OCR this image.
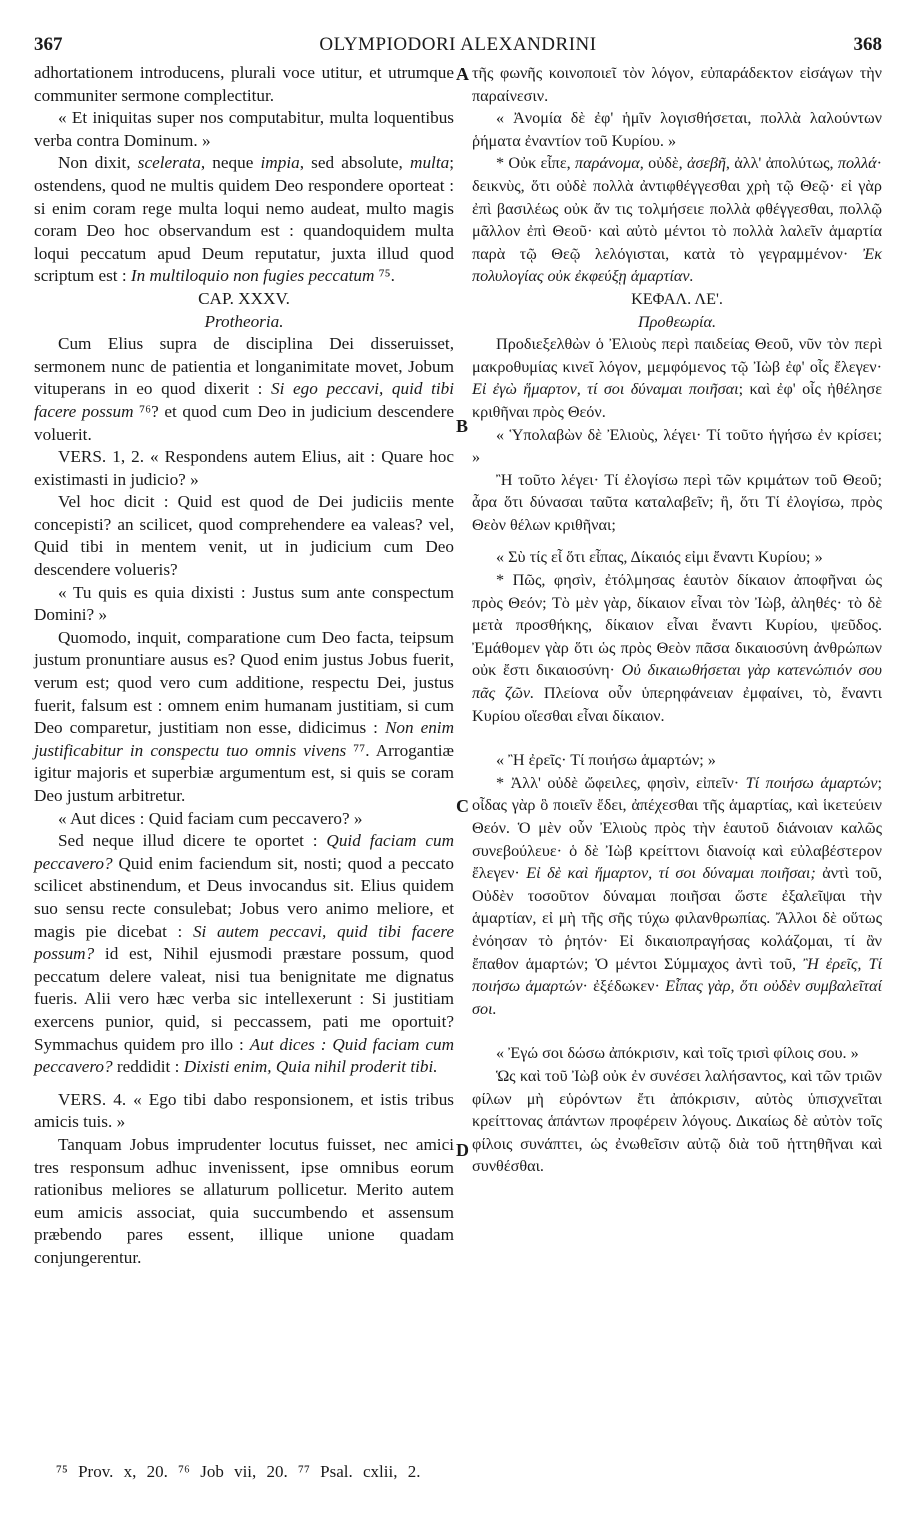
367	OLYMPIODORI ALEXANDRINI	368
A
B
C
D

adhortationem introducens, plurali voce utitur, et utrumque communiter sermone complectitur.

« Et iniquitas super nos computabitur, multa loquentibus verba contra Dominum. »

Non dixit, scelerata, neque impia, sed absolute, multa; ostendens, quod ne multis quidem Deo respondere oporteat : si enim coram rege multa loqui nemo audeat, multo magis coram Deo hoc observandum est : quandoquidem multa loqui peccatum apud Deum reputatur, juxta illud quod scriptum est : In multiloquio non fugies peccatum ⁷⁵.

CAP. XXXV.

Protheoria.

Cum Elius supra de disciplina Dei disseruisset, sermonem nunc de patientia et longanimitate movet, Jobum vituperans in eo quod dixerit : Si ego peccavi, quid tibi facere possum ⁷⁶? et quod cum Deo in judicium descendere voluerit.

VERS. 1, 2. « Respondens autem Elius, ait : Quare hoc existimasti in judicio? »

Vel hoc dicit : Quid est quod de Dei judiciis mente concepisti? an scilicet, quod comprehendere ea valeas? vel, Quid tibi in mentem venit, ut in judicium cum Deo descendere volueris?

« Tu quis es quia dixisti : Justus sum ante conspectum Domini? »

Quomodo, inquit, comparatione cum Deo facta, teipsum justum pronuntiare ausus es? Quod enim justus Jobus fuerit, verum est; quod vero cum additione, respectu Dei, justus fuerit, falsum est : omnem enim humanam justitiam, si cum Deo comparetur, justitiam non esse, didicimus : Non enim justificabitur in conspectu tuo omnis vivens ⁷⁷. Arrogantiæ igitur majoris et superbiæ argumentum est, si quis se coram Deo justum arbitretur.

« Aut dices : Quid faciam cum peccavero? »

Sed neque illud dicere te oportet : Quid faciam cum peccavero? Quid enim faciendum sit, nosti; quod a peccato scilicet abstinendum, et Deus invocandus sit. Elius quidem suo sensu recte consulebat; Jobus vero animo meliore, et magis pie dicebat : Si autem peccavi, quid tibi facere possum? id est, Nihil ejusmodi præstare possum, quod peccatum delere valeat, nisi tua benignitate me dignatus fueris. Alii vero hæc verba sic intellexerunt : Si justitiam exercens punior, quid, si peccassem, pati me oportuit? Symmachus quidem pro illo : Aut dices : Quid faciam cum peccavero? reddidit : Dixisti enim, Quia nihil proderit tibi.

VERS. 4. « Ego tibi dabo responsionem, et istis tribus amicis tuis. »

Tanquam Jobus imprudenter locutus fuisset, nec amici tres responsum adhuc invenissent, ipse omnibus eorum rationibus meliores se allaturum pollicetur. Merito autem eum amicis associat, quia succumbendo et assensum præbendo pares essent, illique unione quadam conjungerentur.

τῆς φωνῆς κοινοποιεῖ τὸν λόγον, εὐπαράδεκτον εἰσάγων τὴν παραίνεσιν.

« Ἀνομία δὲ ἐφ' ἡμῖν λογισθήσεται, πολλὰ λαλούντων ῥήματα ἐναντίον τοῦ Κυρίου. »

* Οὐκ εἶπε, παράνομα, οὐδὲ, ἀσεβῆ, ἀλλ' ἀπολύτως, πολλά· δεικνὺς, ὅτι οὐδὲ πολλὰ ἀντιφθέγγεσθαι χρὴ τῷ Θεῷ· εἰ γὰρ ἐπὶ βασιλέως οὐκ ἄν τις τολμήσειε πολλὰ φθέγγεσθαι, πολλῷ μᾶλλον ἐπὶ Θεοῦ· καὶ αὐτὸ μέντοι τὸ πολλὰ λαλεῖν ἁμαρτία παρὰ τῷ Θεῷ λελόγισται, κατὰ τὸ γεγραμμένον· Ἐκ πολυλογίας οὐκ ἐκφεύξῃ ἁμαρτίαν.

ΚΕΦΑΛ. ΛΕ'.

Προθεωρία.

Προδιεξελθὼν ὁ Ἐλιοὺς περὶ παιδείας Θεοῦ, νῦν τὸν περὶ μακροθυμίας κινεῖ λόγον, μεμφόμενος τῷ Ἰὼβ ἐφ' οἷς ἔλεγεν· Εἰ ἐγὼ ἥμαρτον, τί σοι δύναμαι ποιῆσαι; καὶ ἐφ' οἷς ἠθέλησε κριθῆναι πρὸς Θεόν.

« Ὑπολαβὼν δὲ Ἐλιοὺς, λέγει· Τί τοῦτο ἡγήσω ἐν κρίσει; »

Ἢ τοῦτο λέγει· Τί ἐλογίσω περὶ τῶν κριμάτων τοῦ Θεοῦ; ἆρα ὅτι δύνασαι ταῦτα καταλαβεῖν; ἢ, ὅτι Τί ἐλογίσω, πρὸς Θεὸν θέλων κριθῆναι;

« Σὺ τίς εἶ ὅτι εἶπας, Δίκαιός εἰμι ἔναντι Κυρίου; »

* Πῶς, φησὶν, ἐτόλμησας ἑαυτὸν δίκαιον ἀποφῆναι ὡς πρὸς Θεόν; Τὸ μὲν γὰρ, δίκαιον εἶναι τὸν Ἰὼβ, ἀληθές· τὸ δὲ μετὰ προσθήκης, δίκαιον εἶναι ἔναντι Κυρίου, ψεῦδος. Ἐμάθομεν γὰρ ὅτι ὡς πρὸς Θεὸν πᾶσα δικαιοσύνη ἀνθρώπων οὐκ ἔστι δικαιοσύνη· Οὐ δικαιωθήσεται γὰρ κατενώπιόν σου πᾶς ζῶν. Πλείονα οὖν ὑπερηφάνειαν ἐμφαίνει, τὸ, ἔναντι Κυρίου οἴεσθαι εἶναι δίκαιον.

« Ἢ ἐρεῖς· Τί ποιήσω ἁμαρτών; »

* Ἀλλ' οὐδὲ ὤφειλες, φησὶν, εἰπεῖν· Τί ποιήσω ἁμαρτών; οἶδας γὰρ ὃ ποιεῖν ἔδει, ἀπέχεσθαι τῆς ἁμαρτίας, καὶ ἱκετεύειν Θεόν. Ὁ μὲν οὖν Ἐλιοὺς πρὸς τὴν ἑαυτοῦ διάνοιαν καλῶς συνεβούλευε· ὁ δὲ Ἰὼβ κρείττονι διανοίᾳ καὶ εὐλαβέστερον ἔλεγεν· Εἰ δὲ καὶ ἥμαρτον, τί σοι δύναμαι ποιῆσαι; ἀντὶ τοῦ, Οὐδὲν τοσοῦτον δύναμαι ποιῆσαι ὥστε ἐξαλεῖψαι τὴν ἁμαρτίαν, εἰ μὴ τῆς σῆς τύχω φιλανθρωπίας. Ἄλλοι δὲ οὕτως ἐνόησαν τὸ ῥητόν· Εἰ δικαιοπραγήσας κολάζομαι, τί ἂν ἔπαθον ἁμαρτών; Ὁ μέντοι Σύμμαχος ἀντὶ τοῦ, Ἢ ἐρεῖς, Τί ποιήσω ἁμαρτών· ἐξέδωκεν· Εἶπας γὰρ, ὅτι οὐδὲν συμβαλεῖταί σοι.

« Ἐγώ σοι δώσω ἀπόκρισιν, καὶ τοῖς τρισὶ φίλοις σου. »

Ὡς καὶ τοῦ Ἰὼβ οὐκ ἐν συνέσει λαλήσαντος, καὶ τῶν τριῶν φίλων μὴ εὑρόντων ἔτι ἀπόκρισιν, αὐτὸς ὑπισχνεῖται κρείττονας ἁπάντων προφέρειν λόγους. Δικαίως δὲ αὐτὸν τοῖς φίλοις συνάπτει, ὡς ἐνωθεῖσιν αὐτῷ διὰ τοῦ ἡττηθῆναι καὶ συνθέσθαι.

⁷⁵ Prov. x, 20. ⁷⁶ Job vii, 20. ⁷⁷ Psal. cxlii, 2.
